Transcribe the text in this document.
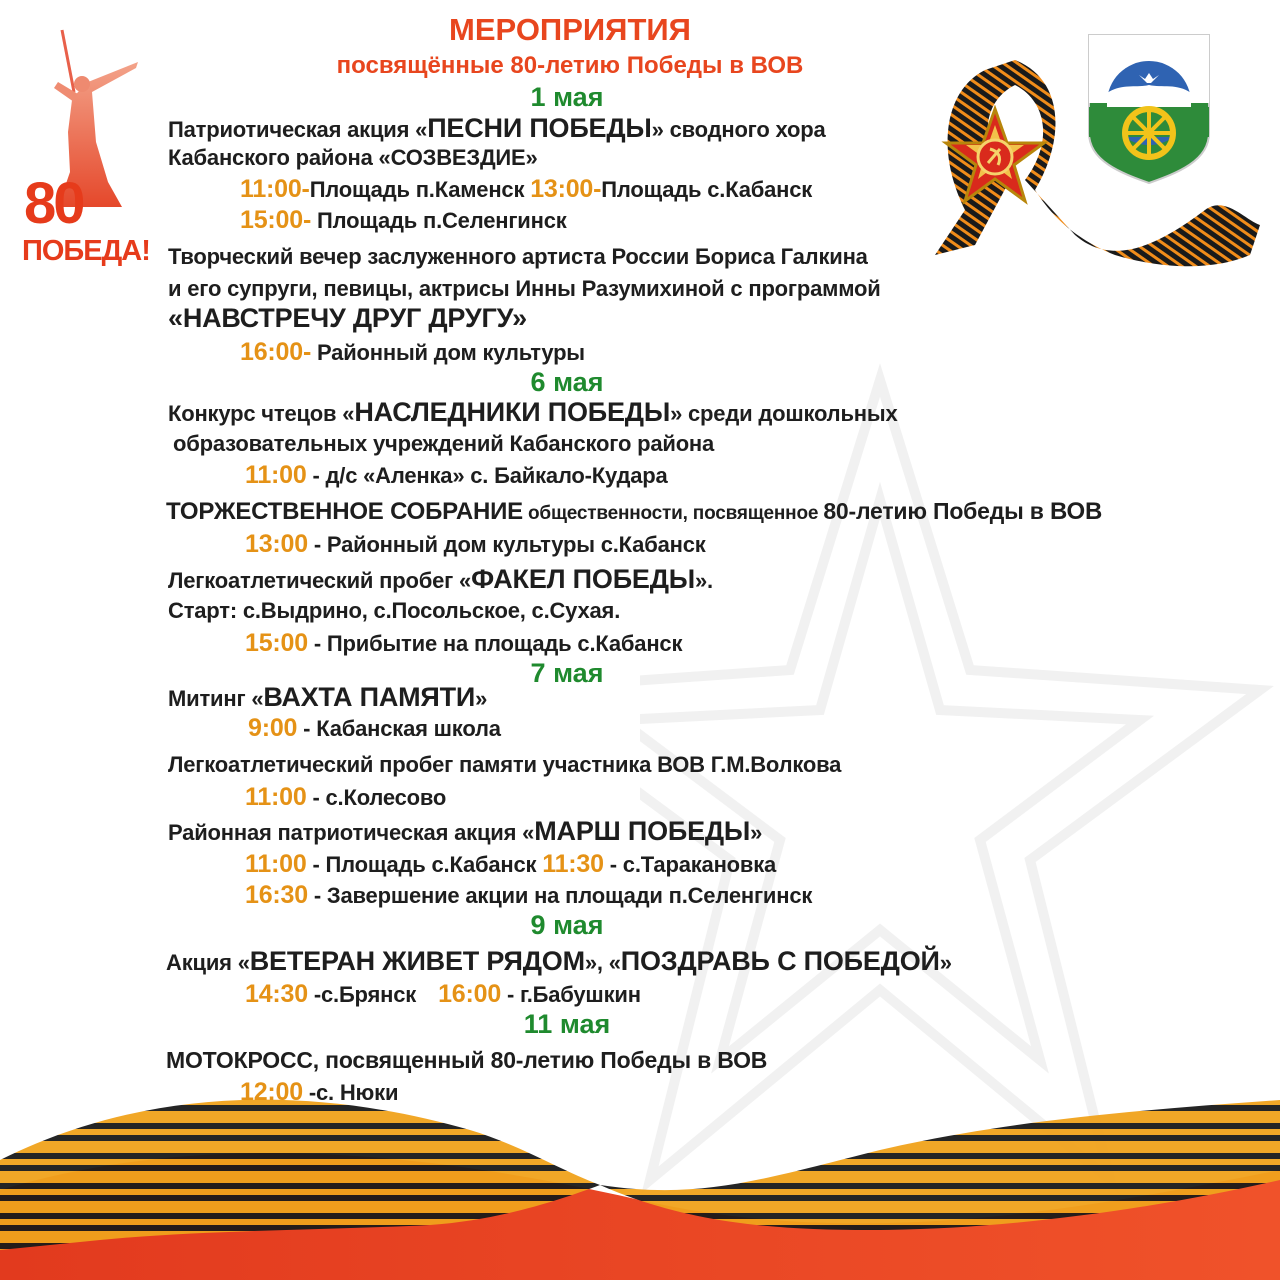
80
ПОБЕДА!
МЕРОПРИЯТИЯ
посвящённые 80-летию Победы в ВОВ
1 мая
Патриотическая акция «ПЕСНИ ПОБЕДЫ» сводного хора
Кабанского района «СОЗВЕЗДИЕ»
11:00-Площадь п.Каменск 13:00-Площадь с.Кабанск
15:00- Площадь п.Селенгинск
Творческий вечер заслуженного артиста России Бориса Галкина
и его супруги, певицы, актрисы Инны Разумихиной с программой
«НАВСТРЕЧУ ДРУГ ДРУГУ»
16:00- Районный дом культуры
6 мая
Конкурс чтецов «НАСЛЕДНИКИ ПОБЕДЫ» среди дошкольных
образовательных учреждений Кабанского района
11:00 - д/с «Аленка» с. Байкало-Кудара
ТОРЖЕСТВЕННОЕ СОБРАНИЕ общественности, посвященное 80-летию Победы в ВОВ
13:00 - Районный дом культуры с.Кабанск
Легкоатлетический пробег «ФАКЕЛ ПОБЕДЫ».
Старт: с.Выдрино, с.Посольское, с.Сухая.
15:00 - Прибытие на площадь с.Кабанск
7 мая
Митинг «ВАХТА ПАМЯТИ»
9:00 - Кабанская школа
Легкоатлетический пробег памяти участника ВОВ Г.М.Волкова
11:00 - с.Колесово
Районная патриотическая акция «МАРШ ПОБЕДЫ»
11:00 - Площадь с.Кабанск 11:30 - с.Таракановка
16:30 - Завершение акции на площади п.Селенгинск
9 мая
Акция «ВЕТЕРАН ЖИВЕТ РЯДОМ», «ПОЗДРАВЬ С ПОБЕДОЙ»
14:30 -с.Брянск 16:00 - г.Бабушкин
11 мая
МОТОКРОСС, посвященный 80-летию Победы в ВОВ
12:00 -с. Нюки
